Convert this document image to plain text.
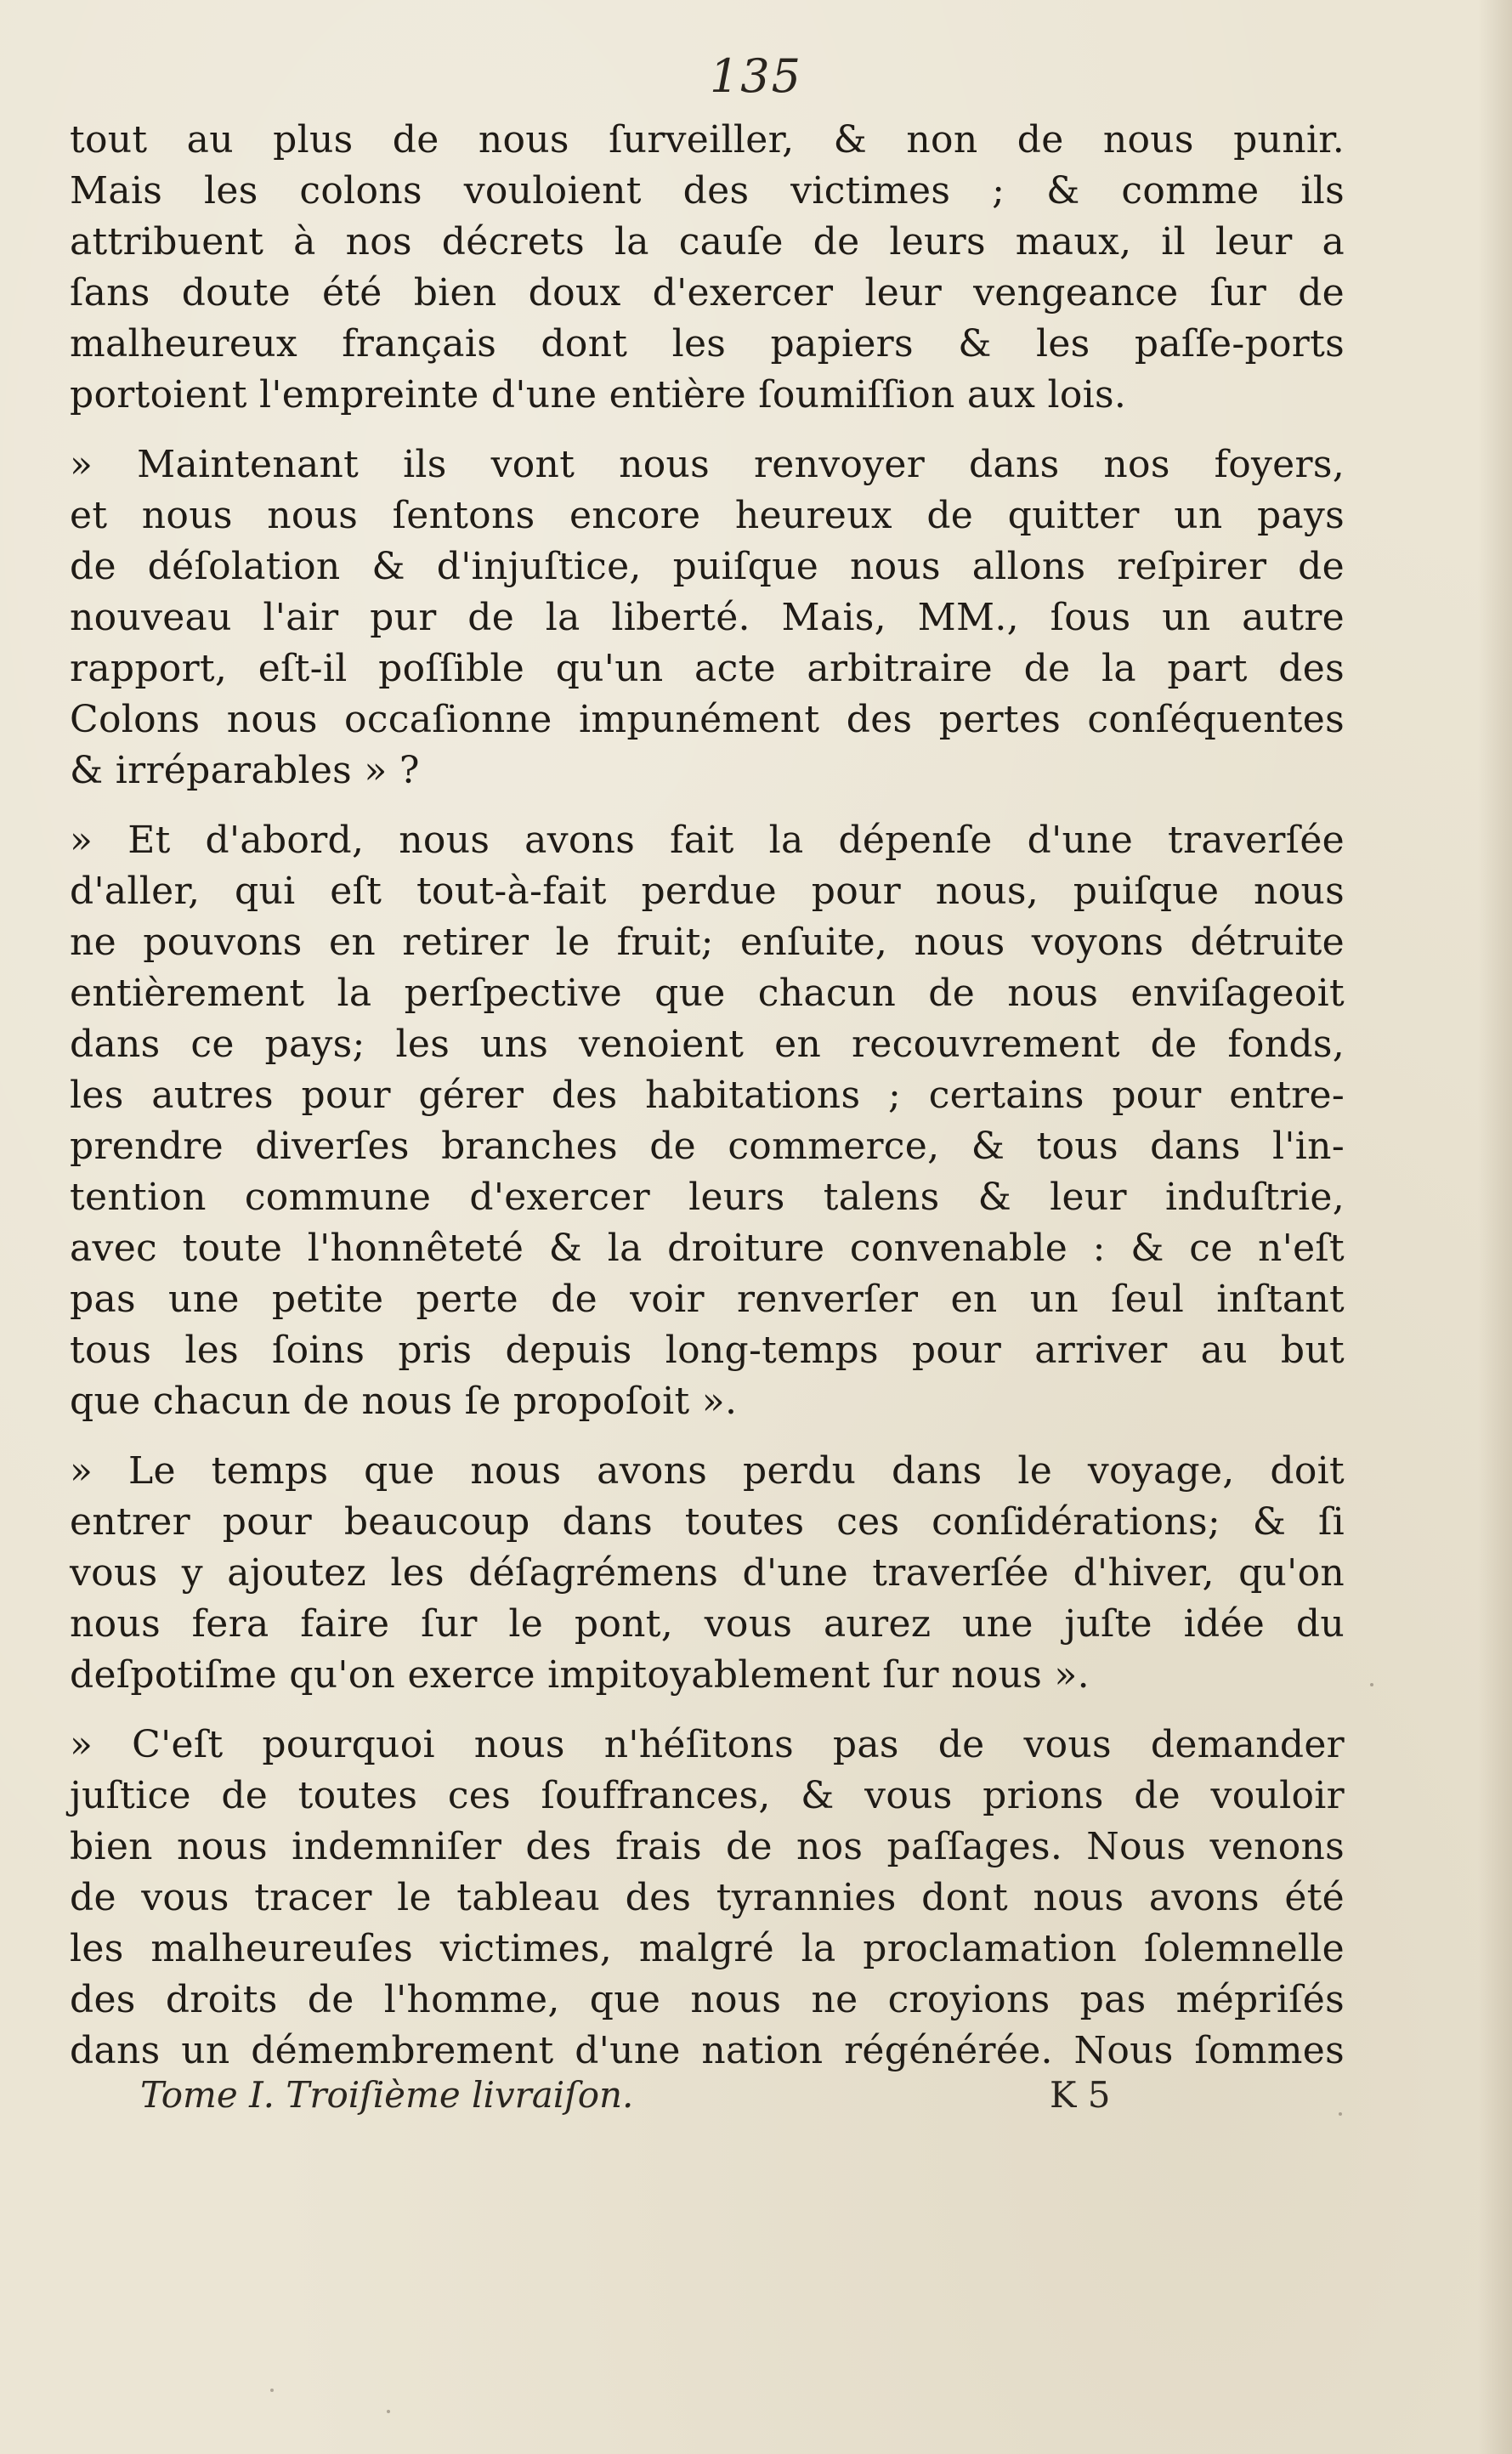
135
tout au plus de nous ſurveiller, & non de nous punir.
Mais les colons vouloient des victimes ; & comme ils
attribuent à nos décrets la cauſe de leurs maux, il leur a
ſans doute été bien doux d'exercer leur vengeance ſur de
malheureux français dont les papiers & les paſſe-ports
portoient l'empreinte d'une entière ſoumiſſion aux lois.
» Maintenant ils vont nous renvoyer dans nos foyers,
et nous nous ſentons encore heureux de quitter un pays
de déſolation & d'injuſtice, puiſque nous allons reſpirer de
nouveau l'air pur de la liberté. Mais, MM., ſous un autre
rapport, eſt-il poſſible qu'un acte arbitraire de la part des
Colons nous occaſionne impunément des pertes conſéquentes
& irréparables » ?
» Et d'abord, nous avons fait la dépenſe d'une traverſée
d'aller, qui eſt tout-à-fait perdue pour nous, puiſque nous
ne pouvons en retirer le fruit; enſuite, nous voyons détruite
entièrement la perſpective que chacun de nous enviſageoit
dans ce pays; les uns venoient en recouvrement de fonds,
les autres pour gérer des habitations ; certains pour entre-
prendre diverſes branches de commerce, & tous dans l'in-
tention commune d'exercer leurs talens & leur induſtrie,
avec toute l'honnêteté & la droiture convenable : & ce n'eſt
pas une petite perte de voir renverſer en un ſeul inſtant
tous les ſoins pris depuis long-temps pour arriver au but
que chacun de nous ſe propoſoit ».
» Le temps que nous avons perdu dans le voyage, doit
entrer pour beaucoup dans toutes ces conſidérations; & ſi
vous y ajoutez les déſagrémens d'une traverſée d'hiver, qu'on
nous fera faire ſur le pont, vous aurez une juſte idée du
deſpotiſme qu'on exerce impitoyablement ſur nous ».
» C'eſt pourquoi nous n'héſitons pas de vous demander
juſtice de toutes ces ſouffrances, & vous prions de vouloir
bien nous indemniſer des frais de nos paſſages. Nous venons
de vous tracer le tableau des tyrannies dont nous avons été
les malheureuſes victimes, malgré la proclamation ſolemnelle
des droits de l'homme, que nous ne croyions pas mépriſés
dans un démembrement d'une nation régénérée. Nous ſommes
Tome I. Troiſième livraiſon.	K 5
